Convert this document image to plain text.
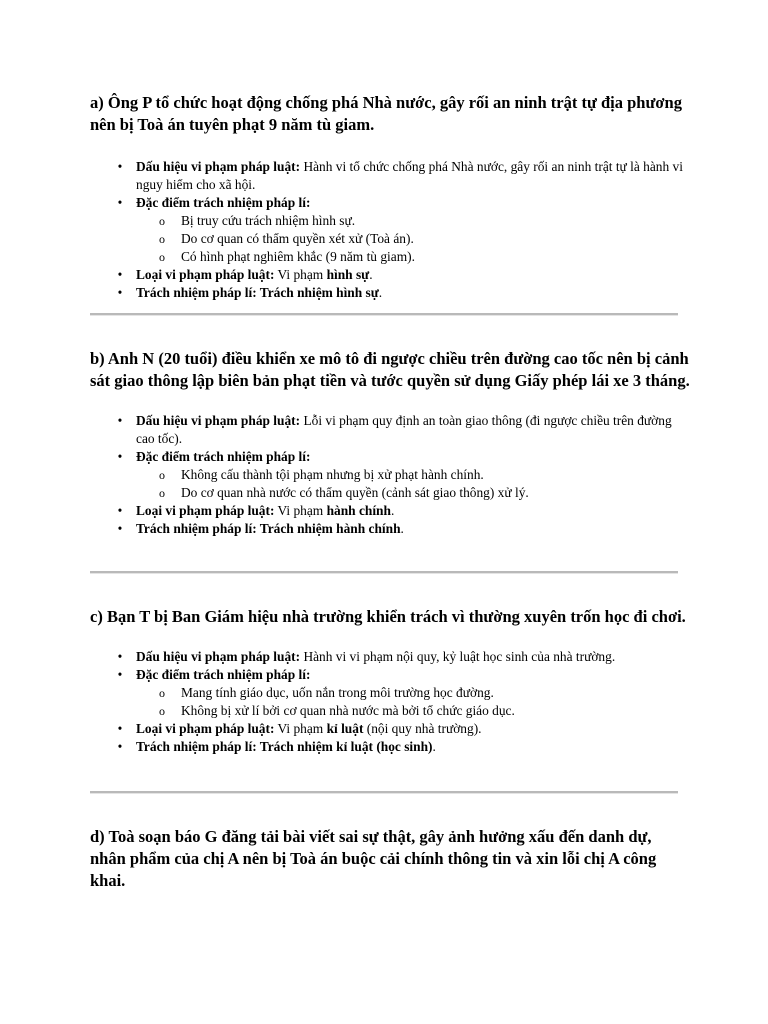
a) Ông P tổ chức hoạt động chống phá Nhà nước, gây rối an ninh trật tự địa phương nên bị Toà án tuyên phạt 9 năm tù giam.

• Dấu hiệu vi phạm pháp luật: Hành vi tổ chức chống phá Nhà nước, gây rối an ninh trật tự là hành vi nguy hiểm cho xã hội.
• Đặc điểm trách nhiệm pháp lí:
o Bị truy cứu trách nhiệm hình sự.
o Do cơ quan có thẩm quyền xét xử (Toà án).
o Có hình phạt nghiêm khắc (9 năm tù giam).
• Loại vi phạm pháp luật: Vi phạm hình sự.
• Trách nhiệm pháp lí: Trách nhiệm hình sự.

b) Anh N (20 tuổi) điều khiển xe mô tô đi ngược chiều trên đường cao tốc nên bị cảnh sát giao thông lập biên bản phạt tiền và tước quyền sử dụng Giấy phép lái xe 3 tháng.

• Dấu hiệu vi phạm pháp luật: Lỗi vi phạm quy định an toàn giao thông (đi ngược chiều trên đường cao tốc).
• Đặc điểm trách nhiệm pháp lí:
o Không cấu thành tội phạm nhưng bị xử phạt hành chính.
o Do cơ quan nhà nước có thẩm quyền (cảnh sát giao thông) xử lý.
• Loại vi phạm pháp luật: Vi phạm hành chính.
• Trách nhiệm pháp lí: Trách nhiệm hành chính.

c) Bạn T bị Ban Giám hiệu nhà trường khiển trách vì thường xuyên trốn học đi chơi.

• Dấu hiệu vi phạm pháp luật: Hành vi vi phạm nội quy, kỷ luật học sinh của nhà trường.
• Đặc điểm trách nhiệm pháp lí:
o Mang tính giáo dục, uốn nắn trong môi trường học đường.
o Không bị xử lí bởi cơ quan nhà nước mà bởi tổ chức giáo dục.
• Loại vi phạm pháp luật: Vi phạm kỉ luật (nội quy nhà trường).
• Trách nhiệm pháp lí: Trách nhiệm kỉ luật (học sinh).

d) Toà soạn báo G đăng tải bài viết sai sự thật, gây ảnh hưởng xấu đến danh dự, nhân phẩm của chị A nên bị Toà án buộc cải chính thông tin và xin lỗi chị A công khai.
